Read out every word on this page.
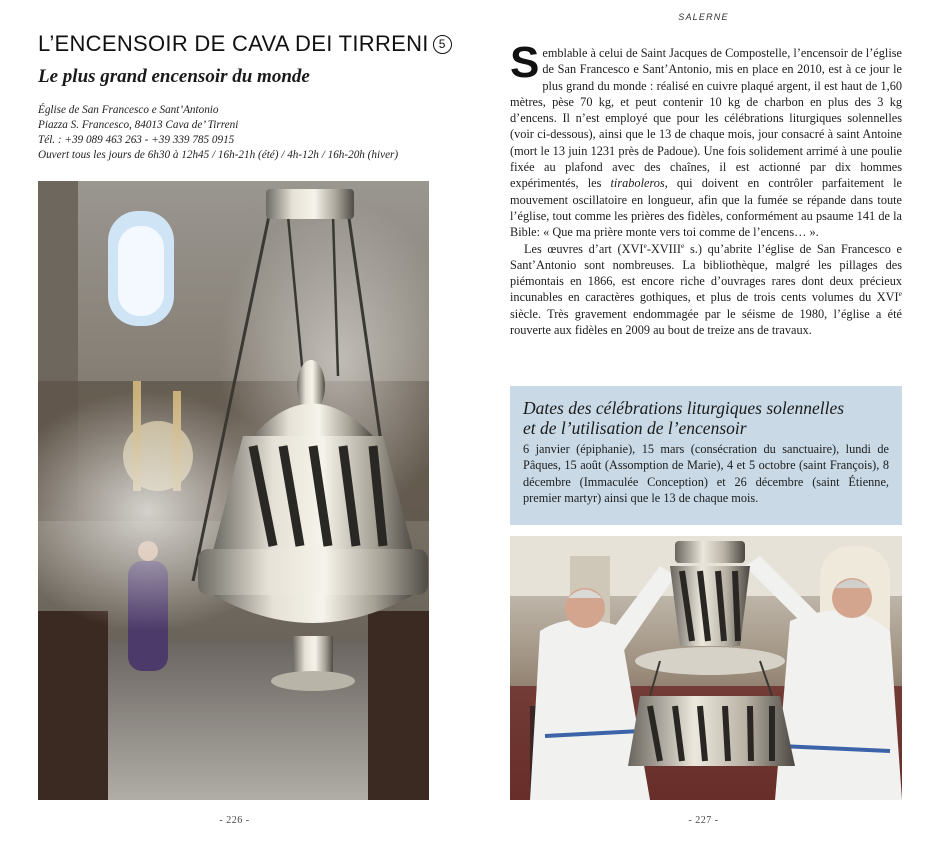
L’ENCENSOIR DE CAVA DEI TIRRENI 5
Le plus grand encensoir du monde
Église de San Francesco e Sant’Antonio
Piazza S. Francesco, 84013 Cava de’ Tirreni
Tél. : +39 089 463 263 - +39 339 785 0915
Ouvert tous les jours de 6h30 à 12h45 / 16h-21h (été) / 4h-12h / 16h-20h (hiver)
- 226 -
SALERNE

Semblable à celui de Saint Jacques de Compostelle, l’encensoir de l’église de San Francesco e Sant’Antonio, mis en place en 2010, est à ce jour le plus grand du monde : réalisé en cuivre plaqué argent, il est haut de 1,60 mètres, pèse 70 kg, et peut contenir 10 kg de charbon en plus des 3 kg d’encens. Il n’est employé que pour les célébrations liturgiques solennelles (voir ci-dessous), ainsi que le 13 de chaque mois, jour consacré à saint Antoine (mort le 13 juin 1231 près de Padoue). Une fois solidement arrimé à une poulie fixée au plafond avec des chaînes, il est actionné par dix hommes expérimentés, les tiraboleros, qui doivent en contrôler parfaitement le mouvement oscillatoire en longueur, afin que la fumée se répande dans toute l’église, tout comme les prières des fidèles, conformément au psaume 141 de la Bible: « Que ma prière monte vers toi comme de l’encens… ».

Les œuvres d’art (XVIe-XVIIIe s.) qu’abrite l’église de San Francesco e Sant’Antonio sont nombreuses. La bibliothèque, malgré les pillages des piémontais en 1866, est encore riche d’ouvrages rares dont deux précieux incunables en caractères gothiques, et plus de trois cents volumes du XVIe siècle. Très gravement endommagée par le séisme de 1980, l’église a été rouverte aux fidèles en 2009 au bout de treize ans de travaux.

Dates des célébrations liturgiques solennelles
et de l’utilisation de l’encensoir

6 janvier (épiphanie), 15 mars (consécration du sanctuaire), lundi de Pâques, 15 août (Assomption de Marie), 4 et 5 octobre (saint François), 8 décembre (Immaculée Conception) et 26 décembre (saint Étienne, premier martyr) ainsi que le 13 de chaque mois.

- 227 -
